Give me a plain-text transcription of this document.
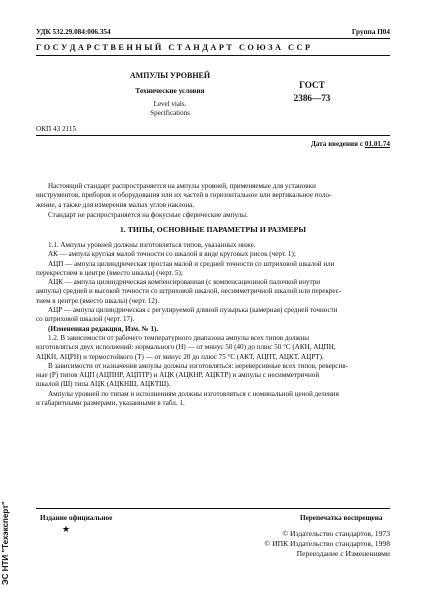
УДК 532.29.084:006.354	Группа П04
Г О С У Д А Р С Т В Е Н Н Ы Й   С Т А Н Д А Р Т   С О Ю З А   С С Р
АМПУЛЫ УРОВНЕЙ
Технические условия
Level vials.
Specifications
ГОСТ
2386—73
ОКП 43 2115
Дата введения с 01.01.74
Настоящий стандарт распространяется на ампулы уровней, применяемые для установки
инструментов, приборов и оборудования или их частей в горизонтальное или вертикальное поло-
жение, а также для измерения малых углов наклона.
Стандарт не распространяется на фокусные сферические ампулы.
1. ТИПЫ, ОСНОВНЫЕ ПАРАМЕТРЫ И РАЗМЕРЫ
1.1. Ампулы уровней должны изготовляться типов, указанных ниже.
АК — ампула круглая малой точности со шкалой в виде круговых рисок (черт. 1);
АЦП — ампула цилиндрическая простая малой и средней точности со штриховой шкалой или
перекрестием в центре (вместо шкалы) (черт. 5);
АЦК — ампула цилиндрическая компенсированная (с компенсационной палочкой внутри
ампулы) средней и высокой точности со штриховой шкалой, несимметричной шкалой или перекрес-
тием в центре (вместо шкалы) (черт. 12).
АЦР — ампула цилиндрическая с регулируемой длиной пузырька (камерная) средней точности
со штриховой шкалой (черт. 17).
(Измененная редакция, Изм. № 1).
1.2. В зависимости от рабочего температурного диапазона ампулы всех типов должны
изготовляться двух исполнений: нормального (Н) — от минус 50 (40) до плюс 50 °С (АКН, АЦПН,
АЦКН, АЦРН) и термостойкого (Т) — от минус 20 до плюс 75 °С (АКТ, АЦПТ, АЦКТ, АЦРТ).
В зависимости от назначения ампулы должны изготовляться: нереверсивные всех типов, реверсив-
ные (Р) типов АЦП (АЦПНР, АЦПТР) и АЦК (АЦКНР, АЦКТР) и ампулы с несимметричной
шкалой (Ш) типа АЦК (АЦКНШ, АЦКТШ).
Ампулы уровней по типам и исполнениям должны изготовляться с номинальной ценой деления
и габаритными размерами, указанными в табл. 1.
Издание официальное
★
Перепечатка воспрещена
© Издательство стандартов, 1973
© ИПК Издательство стандартов, 1998
Переиздание с Изменениями
ЭС НТИ "Техэксперт"
